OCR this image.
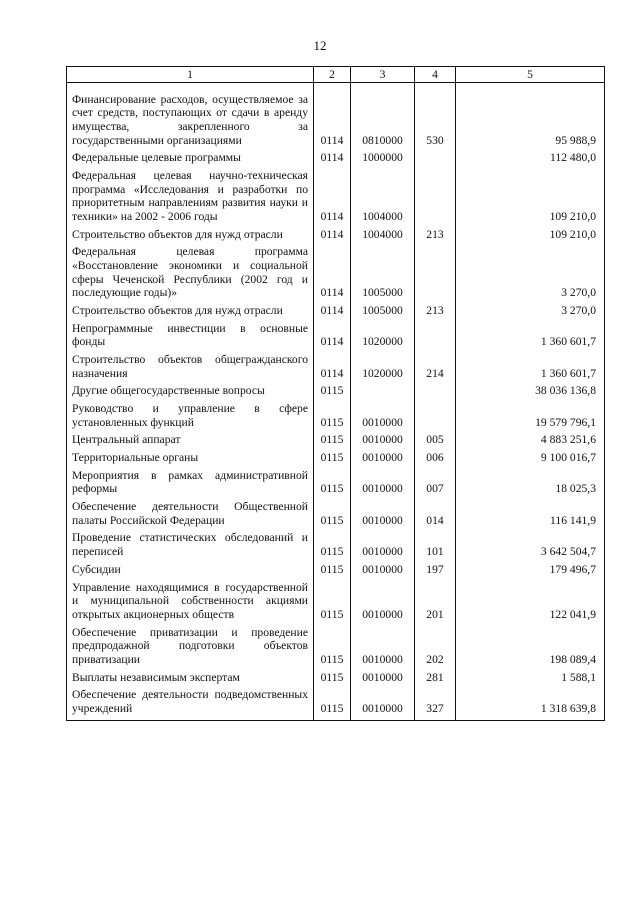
12
1	2	3	4	5
Финансирование расходов, осуществляемое за счет средств, поступающих от сдачи в аренду имущества, закрепленного за государственными организациями	0114	0810000	530	95 988,9
Федеральные целевые программы	0114	1000000		112 480,0
Федеральная целевая научно-техническая программа «Исследования и разработки по приоритетным направлениям развития науки и техники» на 2002 - 2006 годы	0114	1004000		109 210,0
Строительство объектов для нужд отрасли	0114	1004000	213	109 210,0
Федеральная целевая программа «Восстановление экономики и социальной сферы Чеченской Республики (2002 год и последующие годы)»	0114	1005000		3 270,0
Строительство объектов для нужд отрасли	0114	1005000	213	3 270,0
Непрограммные инвестиции в основные фонды	0114	1020000		1 360 601,7
Строительство объектов общегражданского назначения	0114	1020000	214	1 360 601,7
Другие общегосударственные вопросы	0115			38 036 136,8
Руководство и управление в сфере установленных функций	0115	0010000		19 579 796,1
Центральный аппарат	0115	0010000	005	4 883 251,6
Территориальные органы	0115	0010000	006	9 100 016,7
Мероприятия в рамках административной реформы	0115	0010000	007	18 025,3
Обеспечение деятельности Общественной палаты Российской Федерации	0115	0010000	014	116 141,9
Проведение статистических обследований и переписей	0115	0010000	101	3 642 504,7
Субсидии	0115	0010000	197	179 496,7
Управление находящимися в государственной и муниципальной собственности акциями открытых акционерных обществ	0115	0010000	201	122 041,9
Обеспечение приватизации и проведение предпродажной подготовки объектов приватизации	0115	0010000	202	198 089,4
Выплаты независимым экспертам	0115	0010000	281	1 588,1
Обеспечение деятельности подведомственных учреждений	0115	0010000	327	1 318 639,8
